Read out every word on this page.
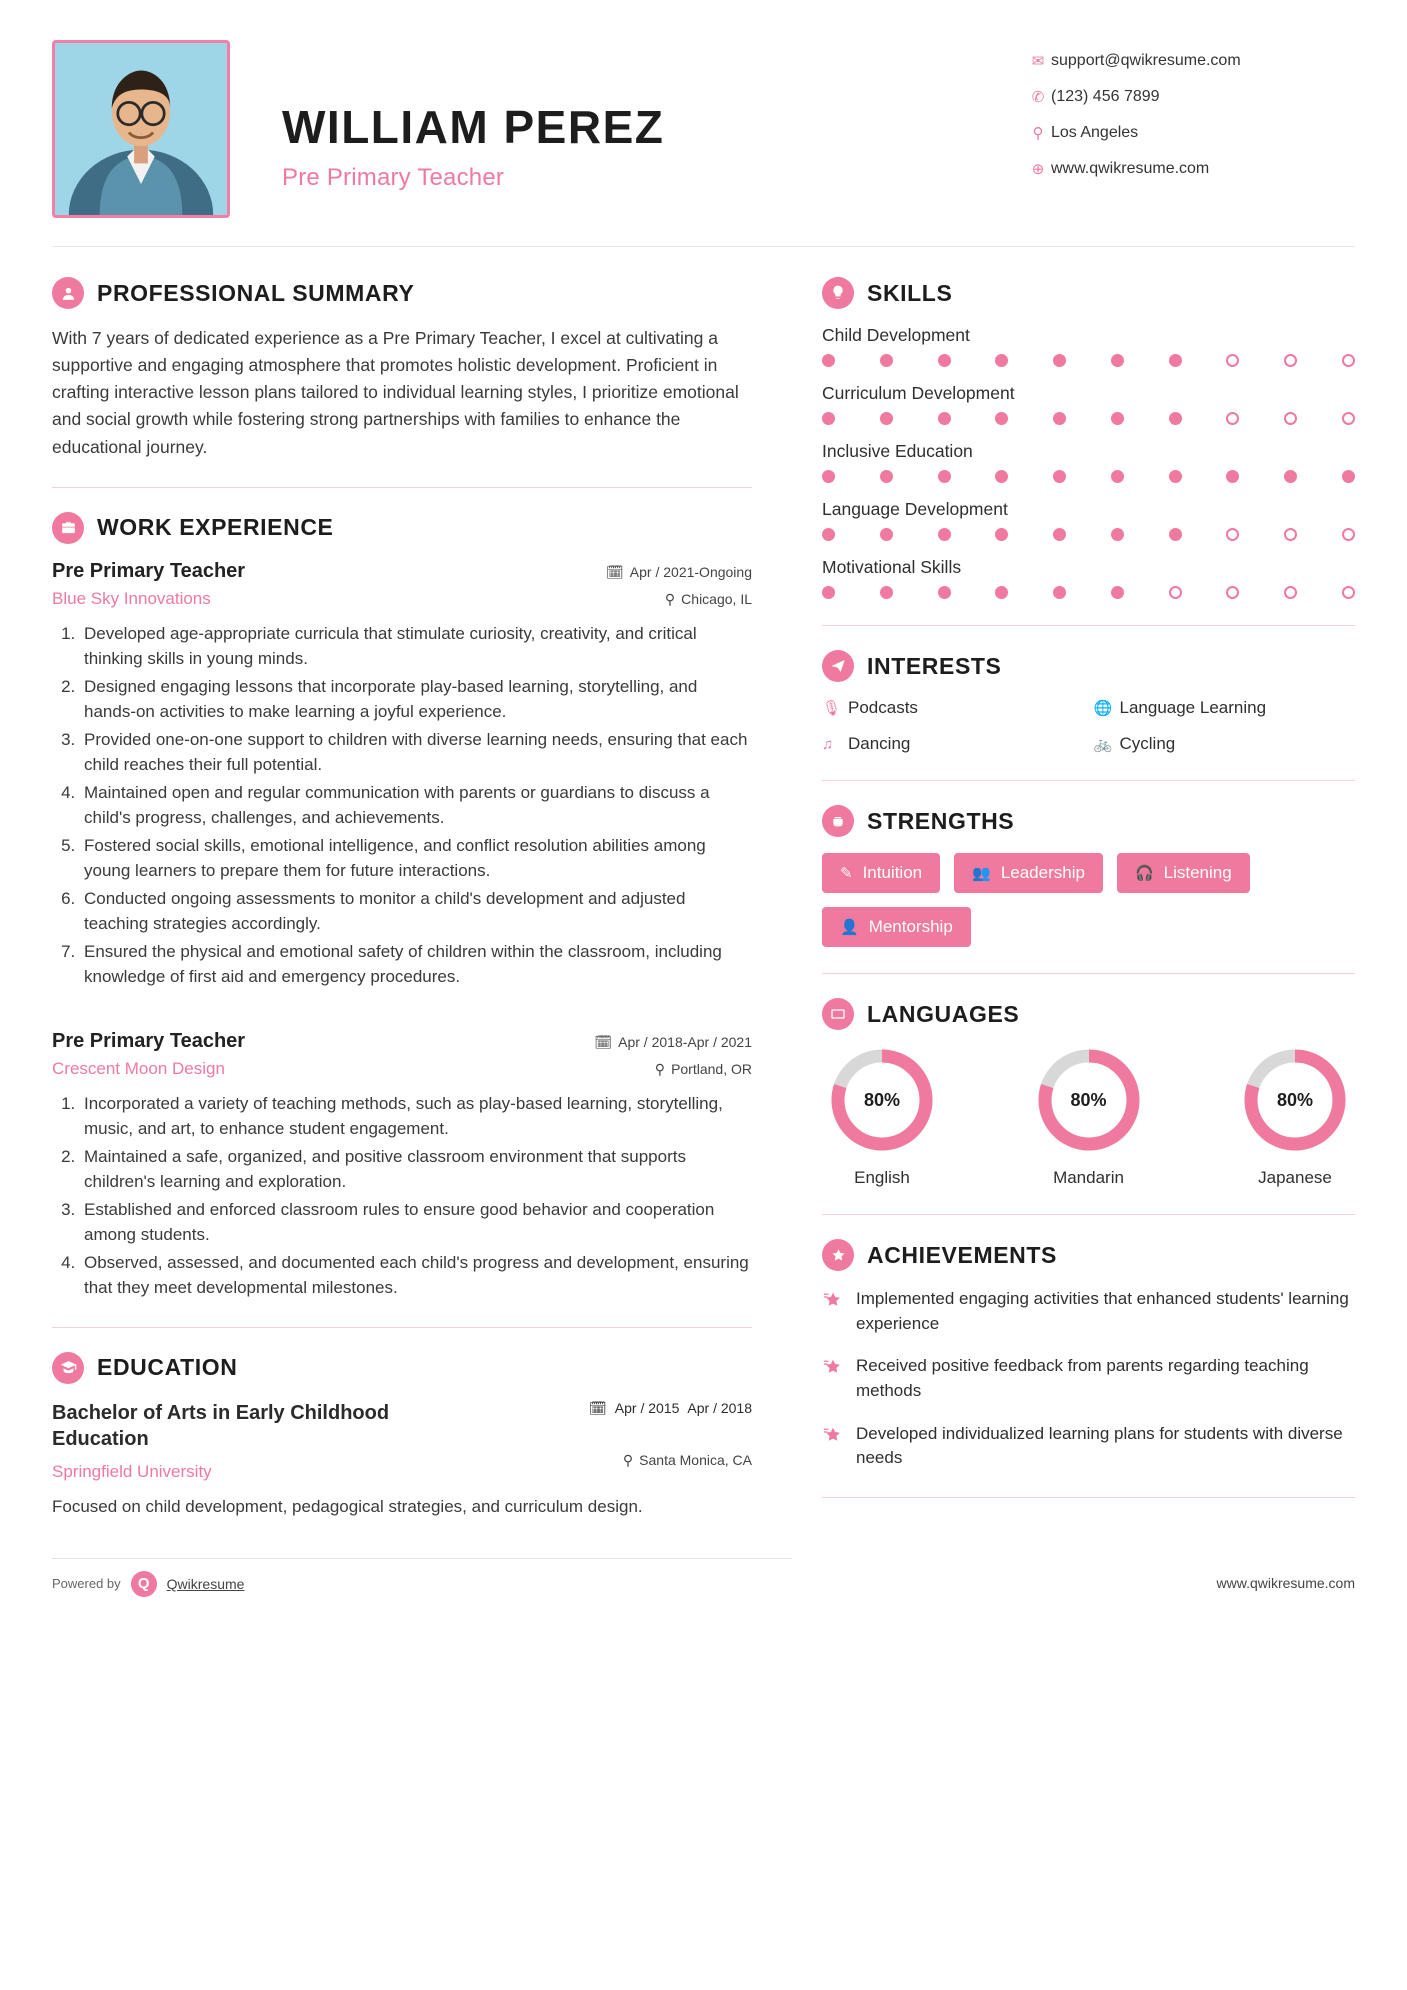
WILLIAM PEREZ
Pre Primary Teacher
✉ support@qwikresume.com
✆ (123) 456 7899
⚲ Los Angeles
⊕ www.qwikresume.com
PROFESSIONAL SUMMARY

With 7 years of dedicated experience as a Pre Primary Teacher, I excel at cultivating a supportive and engaging atmosphere that promotes holistic development. Proficient in crafting interactive lesson plans tailored to individual learning styles, I prioritize emotional and social growth while fostering strong partnerships with families to enhance the educational journey.

WORK EXPERIENCE
Pre Primary Teacher	🗓 Apr / 2021-Ongoing
Blue Sky Innovations	⚲ Chicago, IL
1. Developed age-appropriate curricula that stimulate curiosity, creativity, and critical thinking skills in young minds.
2. Designed engaging lessons that incorporate play-based learning, storytelling, and hands-on activities to make learning a joyful experience.
3. Provided one-on-one support to children with diverse learning needs, ensuring that each child reaches their full potential.
4. Maintained open and regular communication with parents or guardians to discuss a child's progress, challenges, and achievements.
5. Fostered social skills, emotional intelligence, and conflict resolution abilities among young learners to prepare them for future interactions.
6. Conducted ongoing assessments to monitor a child's development and adjusted teaching strategies accordingly.
7. Ensured the physical and emotional safety of children within the classroom, including knowledge of first aid and emergency procedures.
Pre Primary Teacher	🗓 Apr / 2018-Apr / 2021
Crescent Moon Design	⚲ Portland, OR
1. Incorporated a variety of teaching methods, such as play-based learning, storytelling, music, and art, to enhance student engagement.
2. Maintained a safe, organized, and positive classroom environment that supports children's learning and exploration.
3. Established and enforced classroom rules to ensure good behavior and cooperation among students.
4. Observed, assessed, and documented each child's progress and development, ensuring that they meet developmental milestones.
EDUCATION
Bachelor of Arts in Early Childhood Education
🗓 Apr / 2015 Apr / 2018
Springfield University
⚲ Santa Monica, CA
Focused on child development, pedagogical strategies, and curriculum design.
SKILLS
Child Development
Curriculum Development
Inclusive Education
Language Development
Motivational Skills
INTERESTS
🎙 Podcasts	🌐 Language Learning
♫ Dancing	🚲 Cycling
STRENGTHS
✎ Intuition	👥 Leadership	🎧 Listening
👤 Mentorship
LANGUAGES
80%
English
80%
Mandarin
80%
Japanese
ACHIEVEMENTS
Implemented engaging activities that enhanced students' learning experience
Received positive feedback from parents regarding teaching methods
Developed individualized learning plans for students with diverse needs
Powered by	Q	Qwikresume	www.qwikresume.com
